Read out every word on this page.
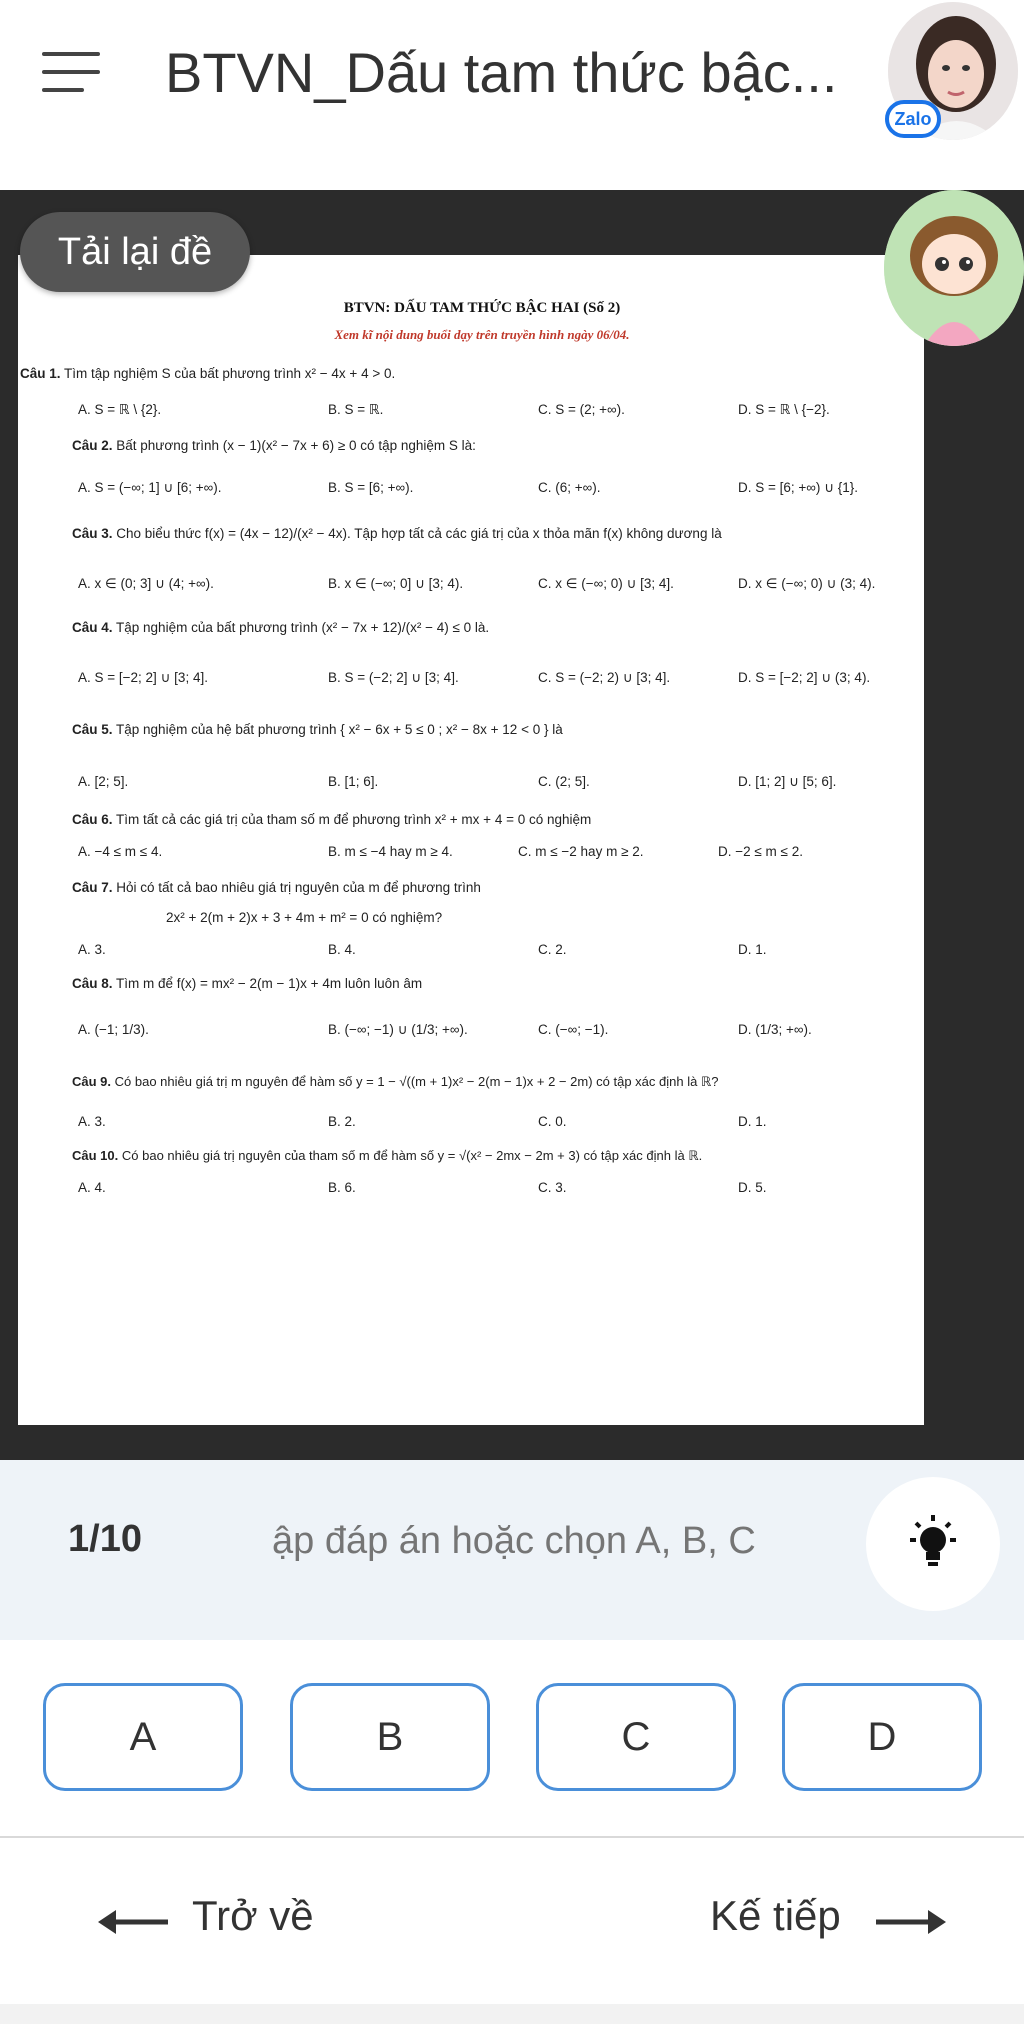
BTVN_Dấu tam thức bậc...
Zalo
BTVN: DẤU TAM THỨC BẬC HAI (Số 2)
Xem kĩ nội dung buổi dạy trên truyền hình ngày 06/04.
Câu 1. Tìm tập nghiệm S của bất phương trình x² − 4x + 4 > 0.
A. S = ℝ \ {2}.	B. S = ℝ.	C. S = (2; +∞).	D. S = ℝ \ {−2}.
Câu 2. Bất phương trình (x − 1)(x² − 7x + 6) ≥ 0 có tập nghiệm S là:
A. S = (−∞; 1] ∪ [6; +∞).	B. S = [6; +∞).	C. (6; +∞).	D. S = [6; +∞) ∪ {1}.
Câu 3. Cho biểu thức f(x) = (4x − 12)/(x² − 4x). Tập hợp tất cả các giá trị của x thỏa mãn f(x) không dương là
A. x ∈ (0; 3] ∪ (4; +∞).	B. x ∈ (−∞; 0] ∪ [3; 4).	C. x ∈ (−∞; 0) ∪ [3; 4].	D. x ∈ (−∞; 0) ∪ (3; 4).
Câu 4. Tập nghiệm của bất phương trình (x² − 7x + 12)/(x² − 4) ≤ 0 là.
A. S = [−2; 2] ∪ [3; 4].	B. S = (−2; 2] ∪ [3; 4].	C. S = (−2; 2) ∪ [3; 4].	D. S = [−2; 2] ∪ (3; 4).
Câu 5. Tập nghiệm của hệ bất phương trình { x² − 6x + 5 ≤ 0 ; x² − 8x + 12 < 0 } là
A. [2; 5].	B. [1; 6].	C. (2; 5].	D. [1; 2] ∪ [5; 6].
Câu 6. Tìm tất cả các giá trị của tham số m để phương trình x² + mx + 4 = 0 có nghiệm
A. −4 ≤ m ≤ 4.	B. m ≤ −4 hay m ≥ 4.	C. m ≤ −2 hay m ≥ 2.	D. −2 ≤ m ≤ 2.
Câu 7. Hỏi có tất cả bao nhiêu giá trị nguyên của m để phương trình
2x² + 2(m + 2)x + 3 + 4m + m² = 0 có nghiệm?
A. 3.	B. 4.	C. 2.	D. 1.
Câu 8. Tìm m để f(x) = mx² − 2(m − 1)x + 4m luôn luôn âm
A. (−1; 1/3).	B. (−∞; −1) ∪ (1/3; +∞).	C. (−∞; −1).	D. (1/3; +∞).
Câu 9. Có bao nhiêu giá trị m nguyên để hàm số y = 1 − √((m + 1)x² − 2(m − 1)x + 2 − 2m) có tập xác định là ℝ?
A. 3.	B. 2.	C. 0.	D. 1.
Câu 10. Có bao nhiêu giá trị nguyên của tham số m để hàm số y = √(x² − 2mx − 2m + 3) có tập xác định là ℝ.
A. 4.	B. 6.	C. 3.	D. 5.
Tải lại đề
1/10
ập đáp án hoặc chọn A, B, C
A	B	C	D
Trở về	Kế tiếp
